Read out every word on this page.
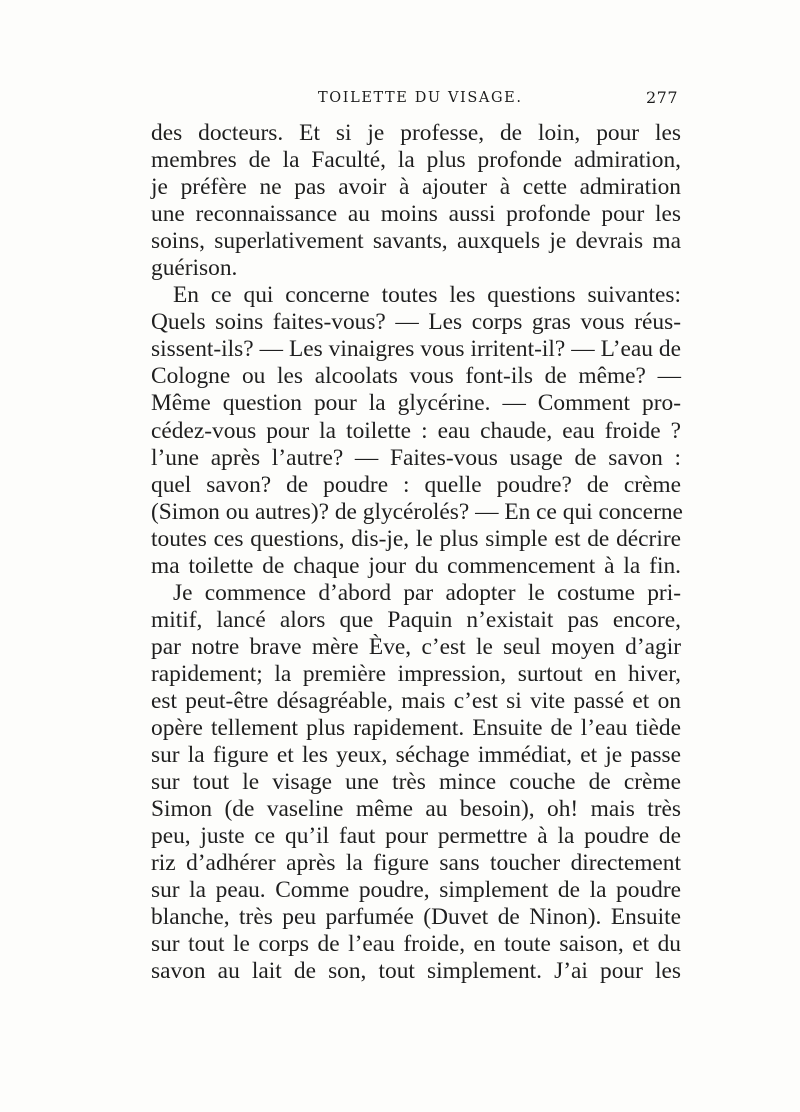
TOILETTE DU VISAGE.	277
des docteurs. Et si je professe, de loin, pour les
membres de la Faculté, la plus profonde admiration,
je préfère ne pas avoir à ajouter à cette admiration
une reconnaissance au moins aussi profonde pour les
soins, superlativement savants, auxquels je devrais ma
guérison.
En ce qui concerne toutes les questions suivantes:
Quels soins faites-vous? — Les corps gras vous réus-
sissent-ils? — Les vinaigres vous irritent-il? — L’eau de
Cologne ou les alcoolats vous font-ils de même? —
Même question pour la glycérine. — Comment pro-
cédez-vous pour la toilette : eau chaude, eau froide ?
l’une après l’autre? — Faites-vous usage de savon :
quel savon? de poudre : quelle poudre? de crème
(Simon ou autres)? de glycérolés? — En ce qui concerne
toutes ces questions, dis-je, le plus simple est de décrire
ma toilette de chaque jour du commencement à la fin.
Je commence d’abord par adopter le costume pri-
mitif, lancé alors que Paquin n’existait pas encore,
par notre brave mère Ève, c’est le seul moyen d’agir
rapidement; la première impression, surtout en hiver,
est peut-être désagréable, mais c’est si vite passé et on
opère tellement plus rapidement. Ensuite de l’eau tiède
sur la figure et les yeux, séchage immédiat, et je passe
sur tout le visage une très mince couche de crème
Simon (de vaseline même au besoin), oh! mais très
peu, juste ce qu’il faut pour permettre à la poudre de
riz d’adhérer après la figure sans toucher directement
sur la peau. Comme poudre, simplement de la poudre
blanche, très peu parfumée (Duvet de Ninon). Ensuite
sur tout le corps de l’eau froide, en toute saison, et du
savon au lait de son, tout simplement. J’ai pour les
